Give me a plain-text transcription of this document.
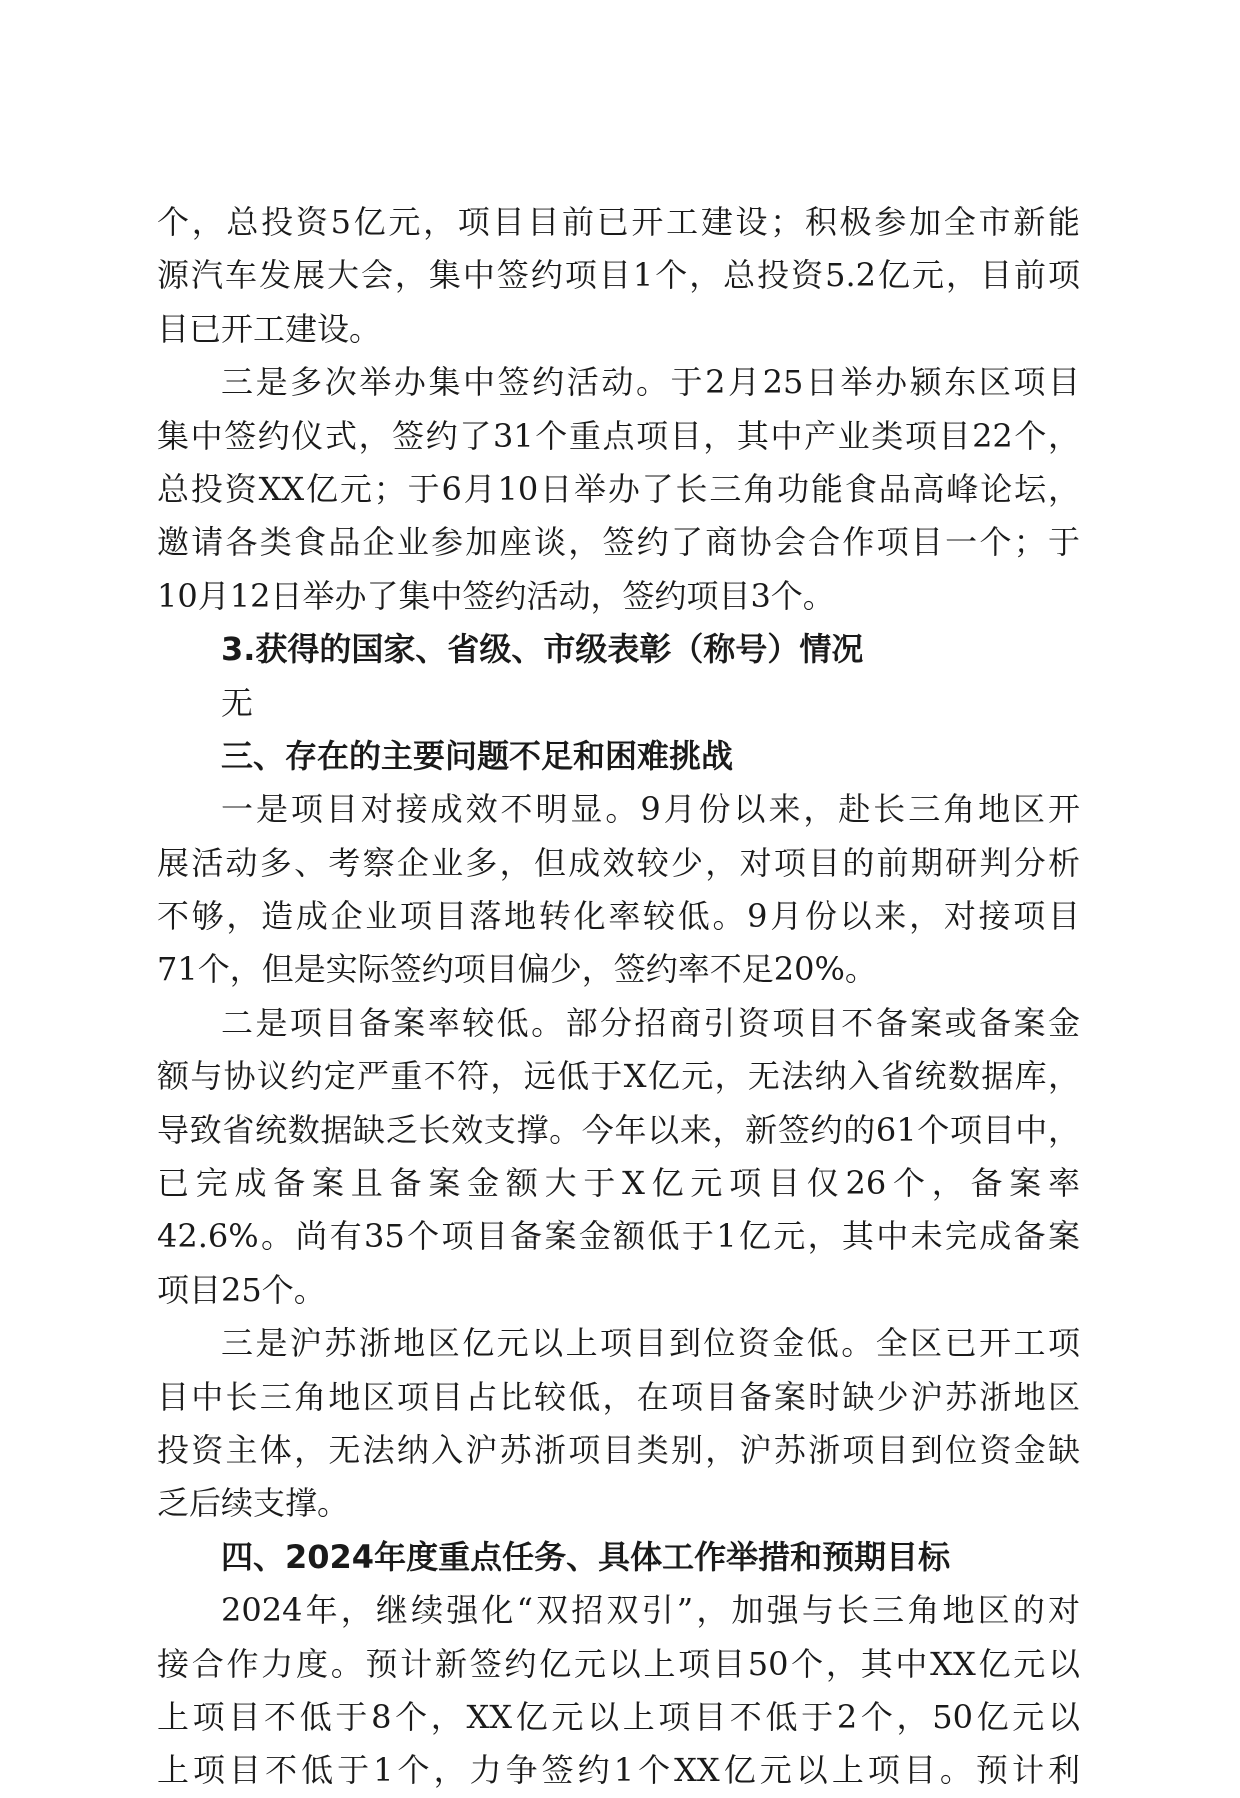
个，总投资5亿元，项目目前已开工建设；积极参加全市新能
源汽车发展大会，集中签约项目1个，总投资5.2亿元，目前项
目已开工建设。
三是多次举办集中签约活动。于2月25日举办颍东区项目
集中签约仪式，签约了31个重点项目，其中产业类项目22个，
总投资XX亿元；于6月10日举办了长三角功能食品高峰论坛，
邀请各类食品企业参加座谈，签约了商协会合作项目一个；于
10月12日举办了集中签约活动，签约项目3个。
3.获得的国家、省级、市级表彰（称号）情况
无
三、存在的主要问题不足和困难挑战
一是项目对接成效不明显。9月份以来，赴长三角地区开
展活动多、考察企业多，但成效较少，对项目的前期研判分析
不够，造成企业项目落地转化率较低。9月份以来，对接项目
71个，但是实际签约项目偏少，签约率不足20%。
二是项目备案率较低。部分招商引资项目不备案或备案金
额与协议约定严重不符，远低于X亿元，无法纳入省统数据库，
导致省统数据缺乏长效支撑。今年以来，新签约的61个项目中，
已完成备案且备案金额大于X亿元项目仅26个，备案率
42.6%。尚有35个项目备案金额低于1亿元，其中未完成备案
项目25个。
三是沪苏浙地区亿元以上项目到位资金低。全区已开工项
目中长三角地区项目占比较低，在项目备案时缺少沪苏浙地区
投资主体，无法纳入沪苏浙项目类别，沪苏浙项目到位资金缺
乏后续支撑。
四、2024年度重点任务、具体工作举措和预期目标
2024年，继续强化“双招双引”，加强与长三角地区的对
接合作力度。预计新签约亿元以上项目50个，其中XX亿元以
上项目不低于8个，XX亿元以上项目不低于2个，50亿元以
上项目不低于1个，力争签约1个XX亿元以上项目。预计利
